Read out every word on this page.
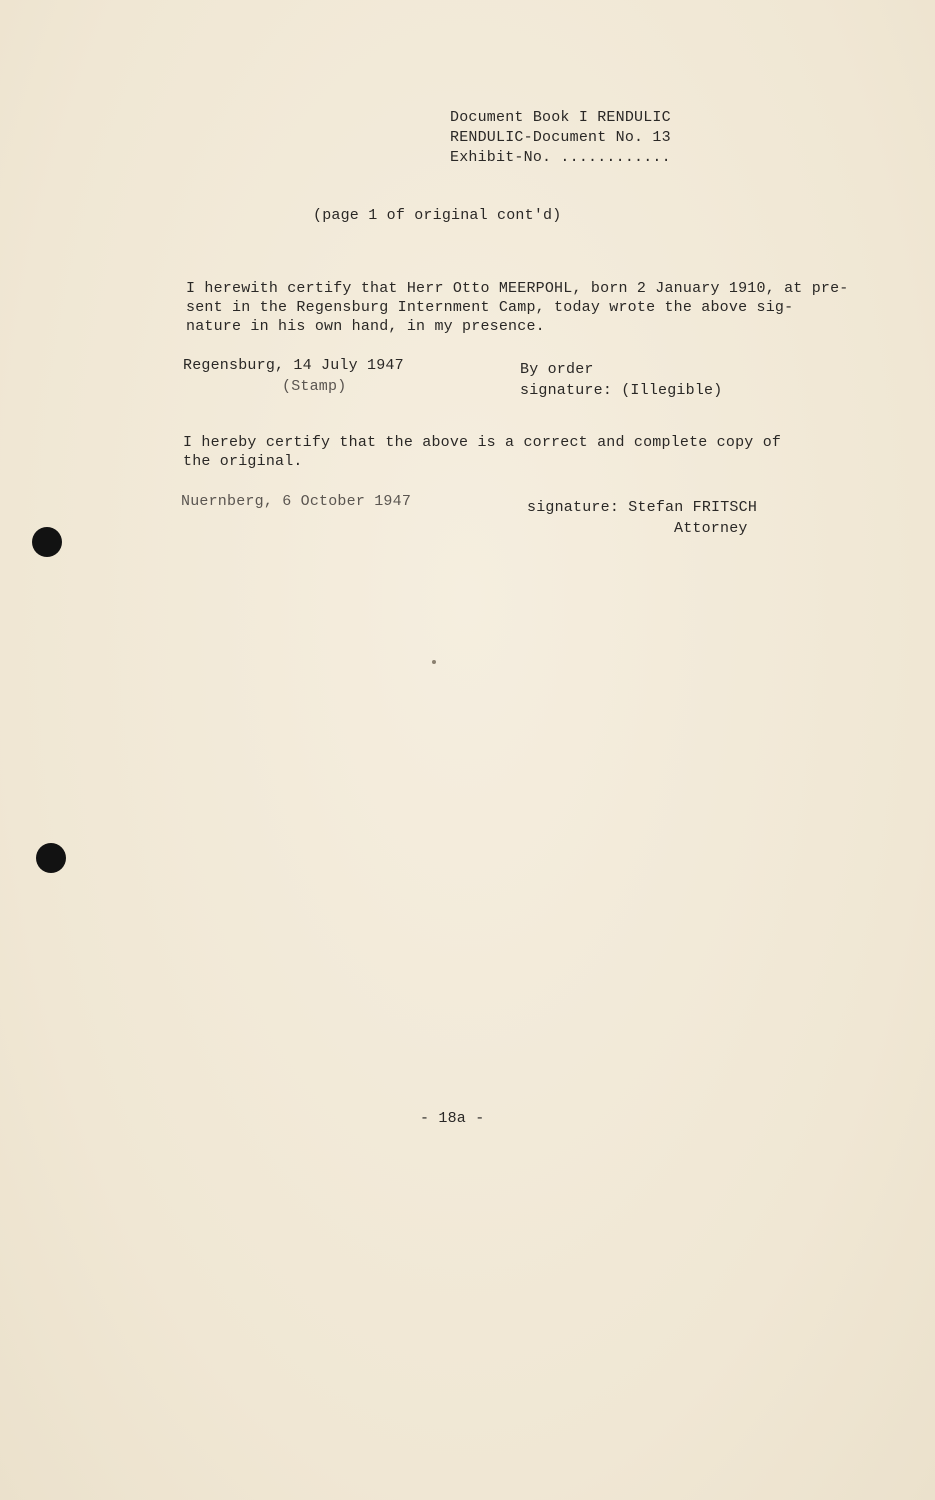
Document Book I RENDULIC
RENDULIC-Document No. 13
Exhibit-No. ............
(page 1 of original cont'd)
I herewith certify that Herr Otto MEERPOHL, born 2 January 1910, at pre-
sent in the Regensburg Internment Camp, today wrote the above sig-
nature in his own hand, in my presence.
Regensburg, 14 July 1947
(Stamp)
By order
signature: (Illegible)
I hereby certify that the above is a correct and complete copy of
the original.
Nuernberg, 6 October 1947	signature: Stefan FRITSCH
Attorney
- 18a -
